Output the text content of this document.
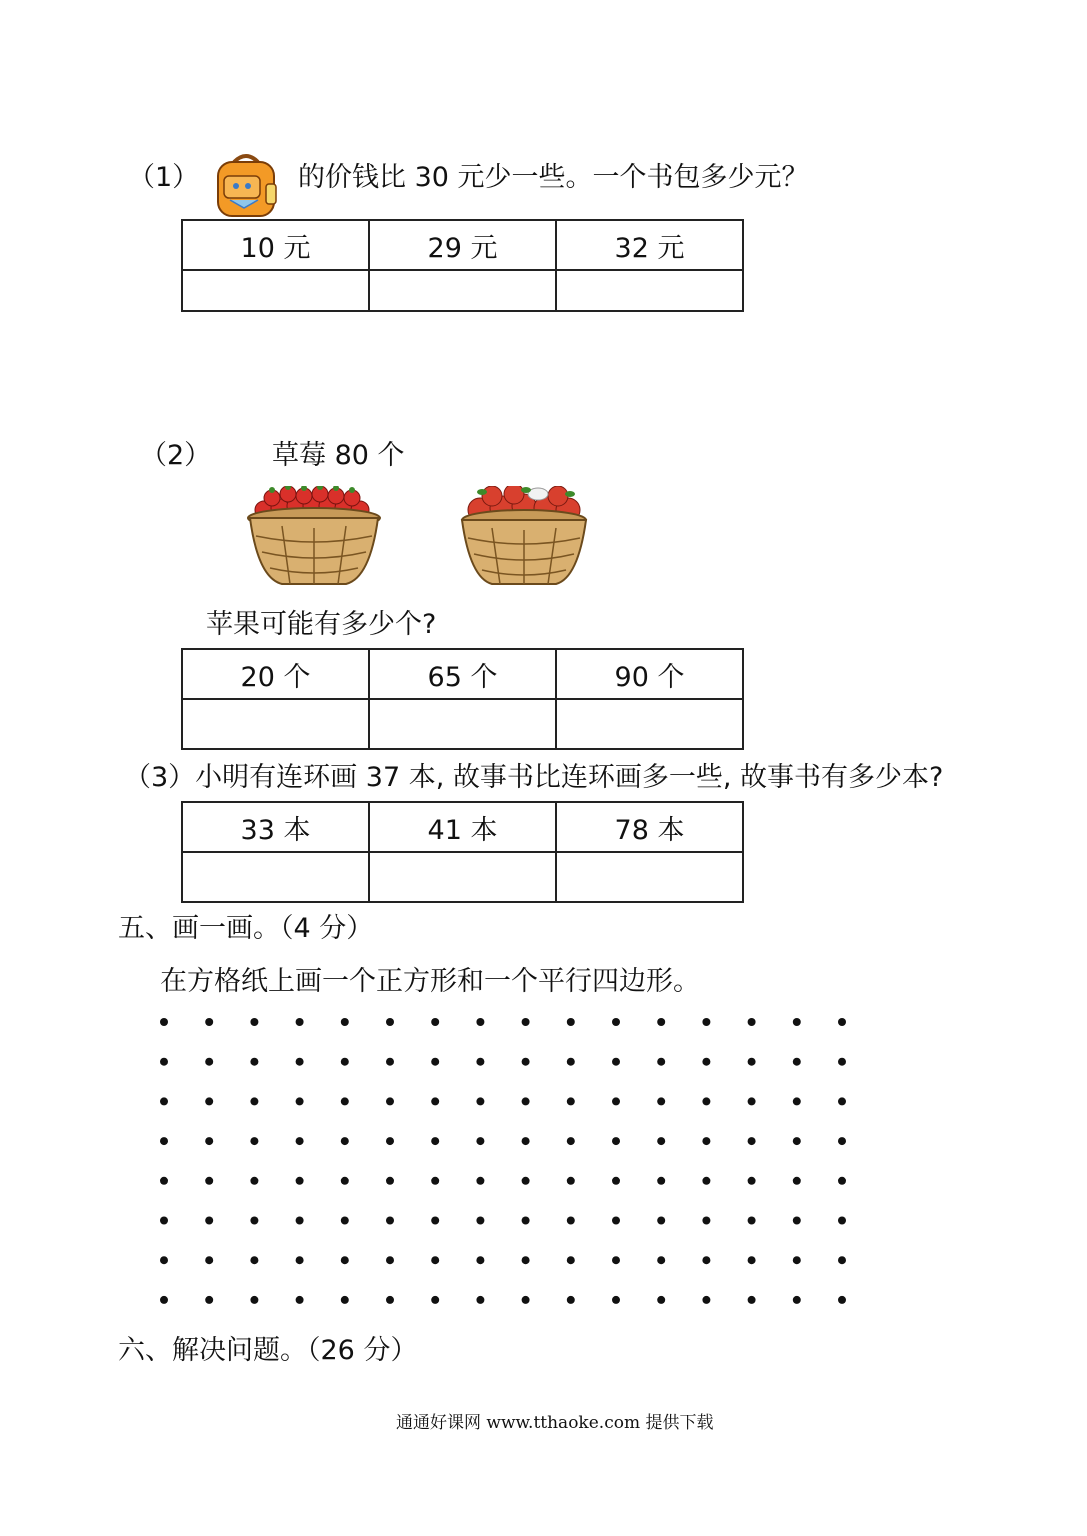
（1）	的价钱比 30 元少一些。一个书包多少元？
10 元	29 元	32 元

（2） 草莓 80 个
苹果可能有多少个?
20 个	65 个	90 个

（3）小明有连环画 37 本, 故事书比连环画多一些, 故事书有多少本?
33 本	41 本	78 本

五、画一画。（4 分）
在方格纸上画一个正方形和一个平行四边形。
六、解决问题。（26 分）
通通好课网 www.tthaoke.com 提供下载
